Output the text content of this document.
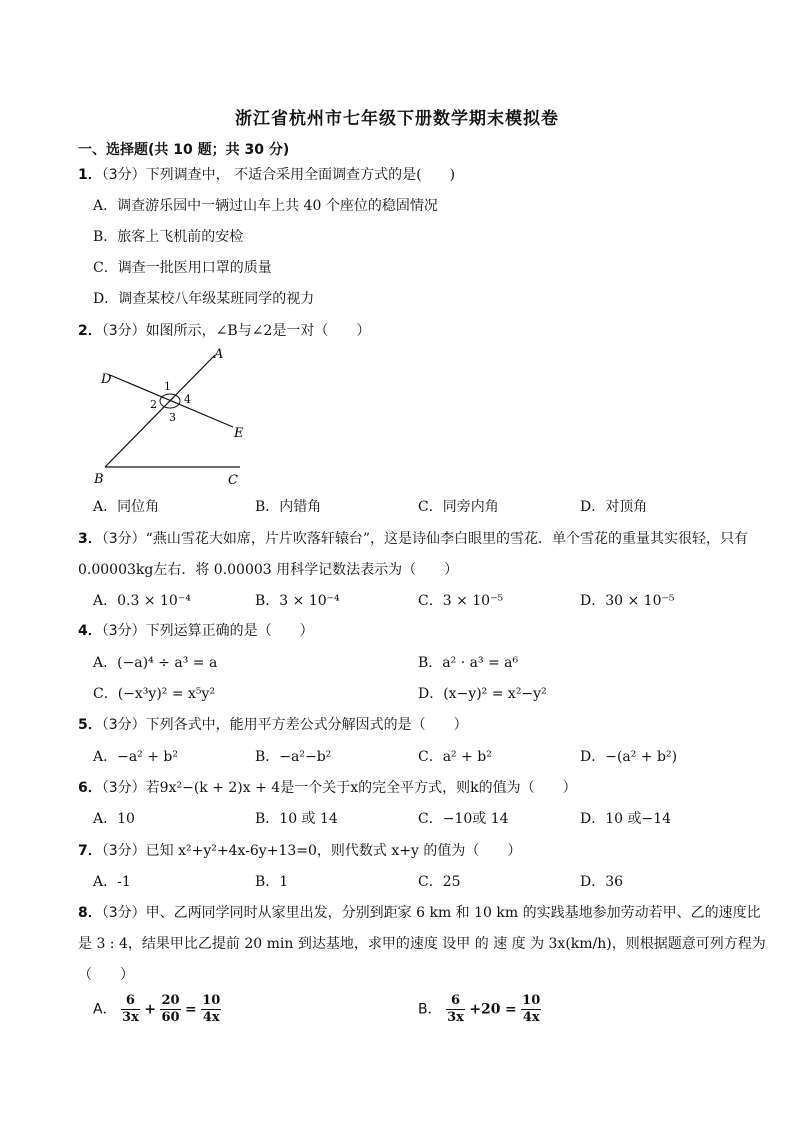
浙江省杭州市七年级下册数学期末模拟卷
一、选择题(共 10 题；共 30 分)
1．（3分）下列调查中， 不适合采用全面调查方式的是(　　)
A．调查游乐园中一辆过山车上共 40 个座位的稳固情况
B．旅客上飞机前的安检
C．调查一批医用口罩的质量
D．调查某校八年级某班同学的视力
2．（3分）如图所示，∠B与∠2是一对（　　）
A
D	1
2 4
3
E
B	C
A．同位角	B．内错角	C．同旁内角	D．对顶角
3．（3分）“燕山雪花大如席，片片吹落轩辕台”，这是诗仙李白眼里的雪花．单个雪花的重量其实很轻，只有0.00003kg左右．将 0.00003 用科学记数法表示为（　　）
A．0.3 × 10⁻⁴	B．3 × 10⁻⁴	C．3 × 10⁻⁵	D．30 × 10⁻⁵
4．（3分）下列运算正确的是（　　）
A．(−a)⁴ ÷ a³ = a	B．a² · a³ = a⁶
C．(−x³y)² = x⁵y²	D．(x−y)² = x²−y²
5．（3分）下列各式中，能用平方差公式分解因式的是（　　）
A．−a² + b²	B．−a²−b²	C．a² + b²	D．−(a² + b²)
6．（3分）若9x²−(k + 2)x + 4是一个关于x的完全平方式，则k的值为（　　）
A．10	B．10 或 14	C．−10或 14	D．10 或−14
7．（3分）已知 x²+y²+4x-6y+13=0，则代数式 x+y 的值为（　　）
A．-1	B．1	C．25	D．36
8．（3分）甲、乙两同学同时从家里出发，分别到距家 6 km 和 10 km 的实践基地参加劳动若甲、乙的速度比是 3 : 4，结果甲比乙提前 20 min 到达基地，求甲的速度 设甲 的 速 度 为 3x(km/h)，则根据题意可列方程为 （　　）
A． $\frac{6}{3x} + \frac{20}{60} = \frac{10}{4x}$	B． $\frac{6}{3x} +20 = \frac{10}{4x}$
